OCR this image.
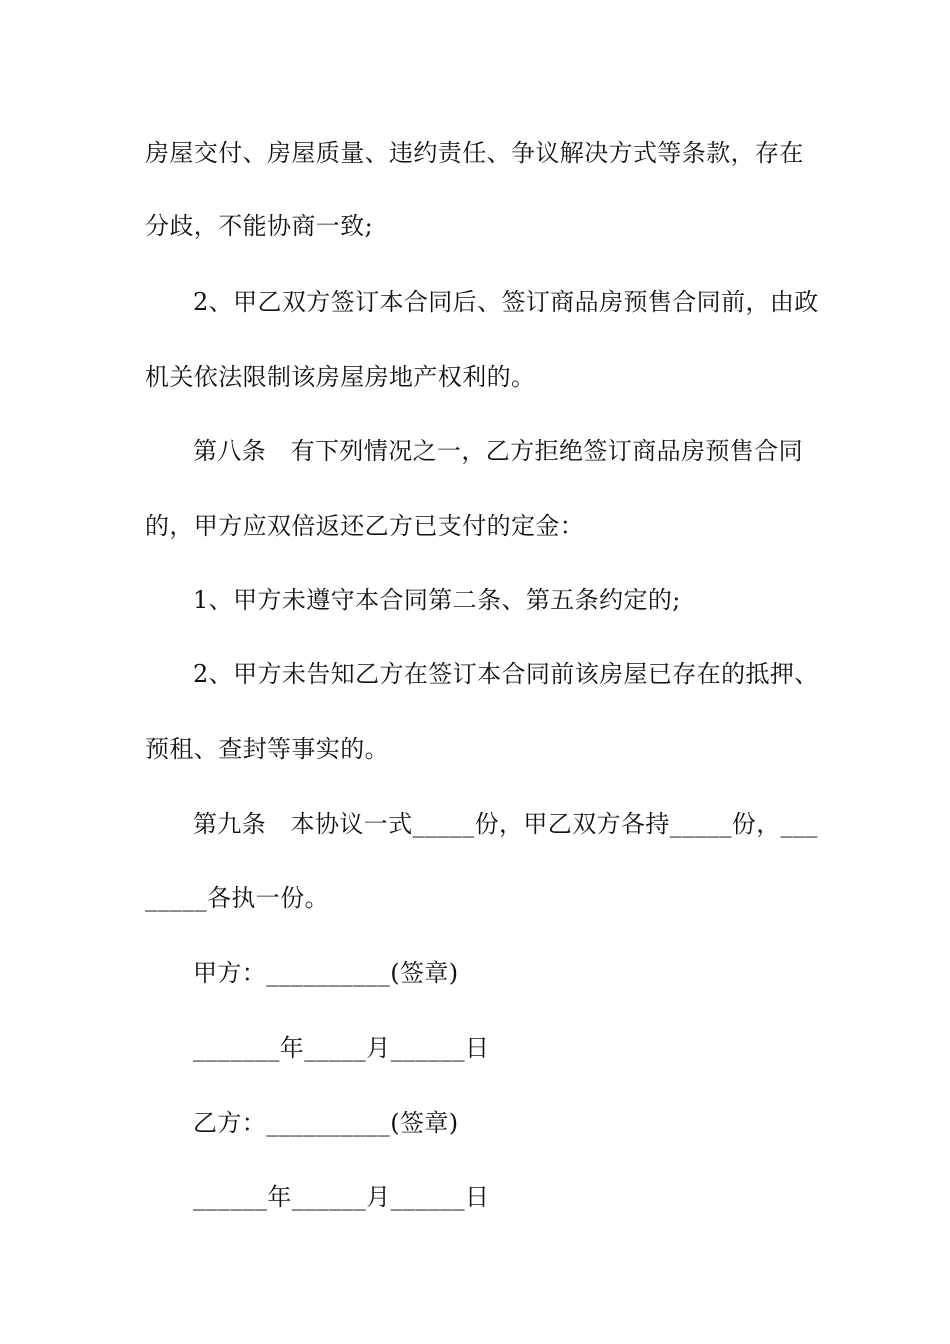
房屋交付、房屋质量、违约责任、争议解决方式等条款，存在
分歧，不能协商一致;
2、甲乙双方签订本合同后、签订商品房预售合同前，由政
机关依法限制该房屋房地产权利的。
第八条　有下列情况之一，乙方拒绝签订商品房预售合同
的，甲方应双倍返还乙方已支付的定金：
1、甲方未遵守本合同第二条、第五条约定的;
2、甲方未告知乙方在签订本合同前该房屋已存在的抵押、
预租、查封等事实的。
第九条　本协议一式_____份，甲乙双方各持_____份，___
_____各执一份。
甲方：__________(签章)
_______年_____月______日
乙方：__________(签章)
______年______月______日
